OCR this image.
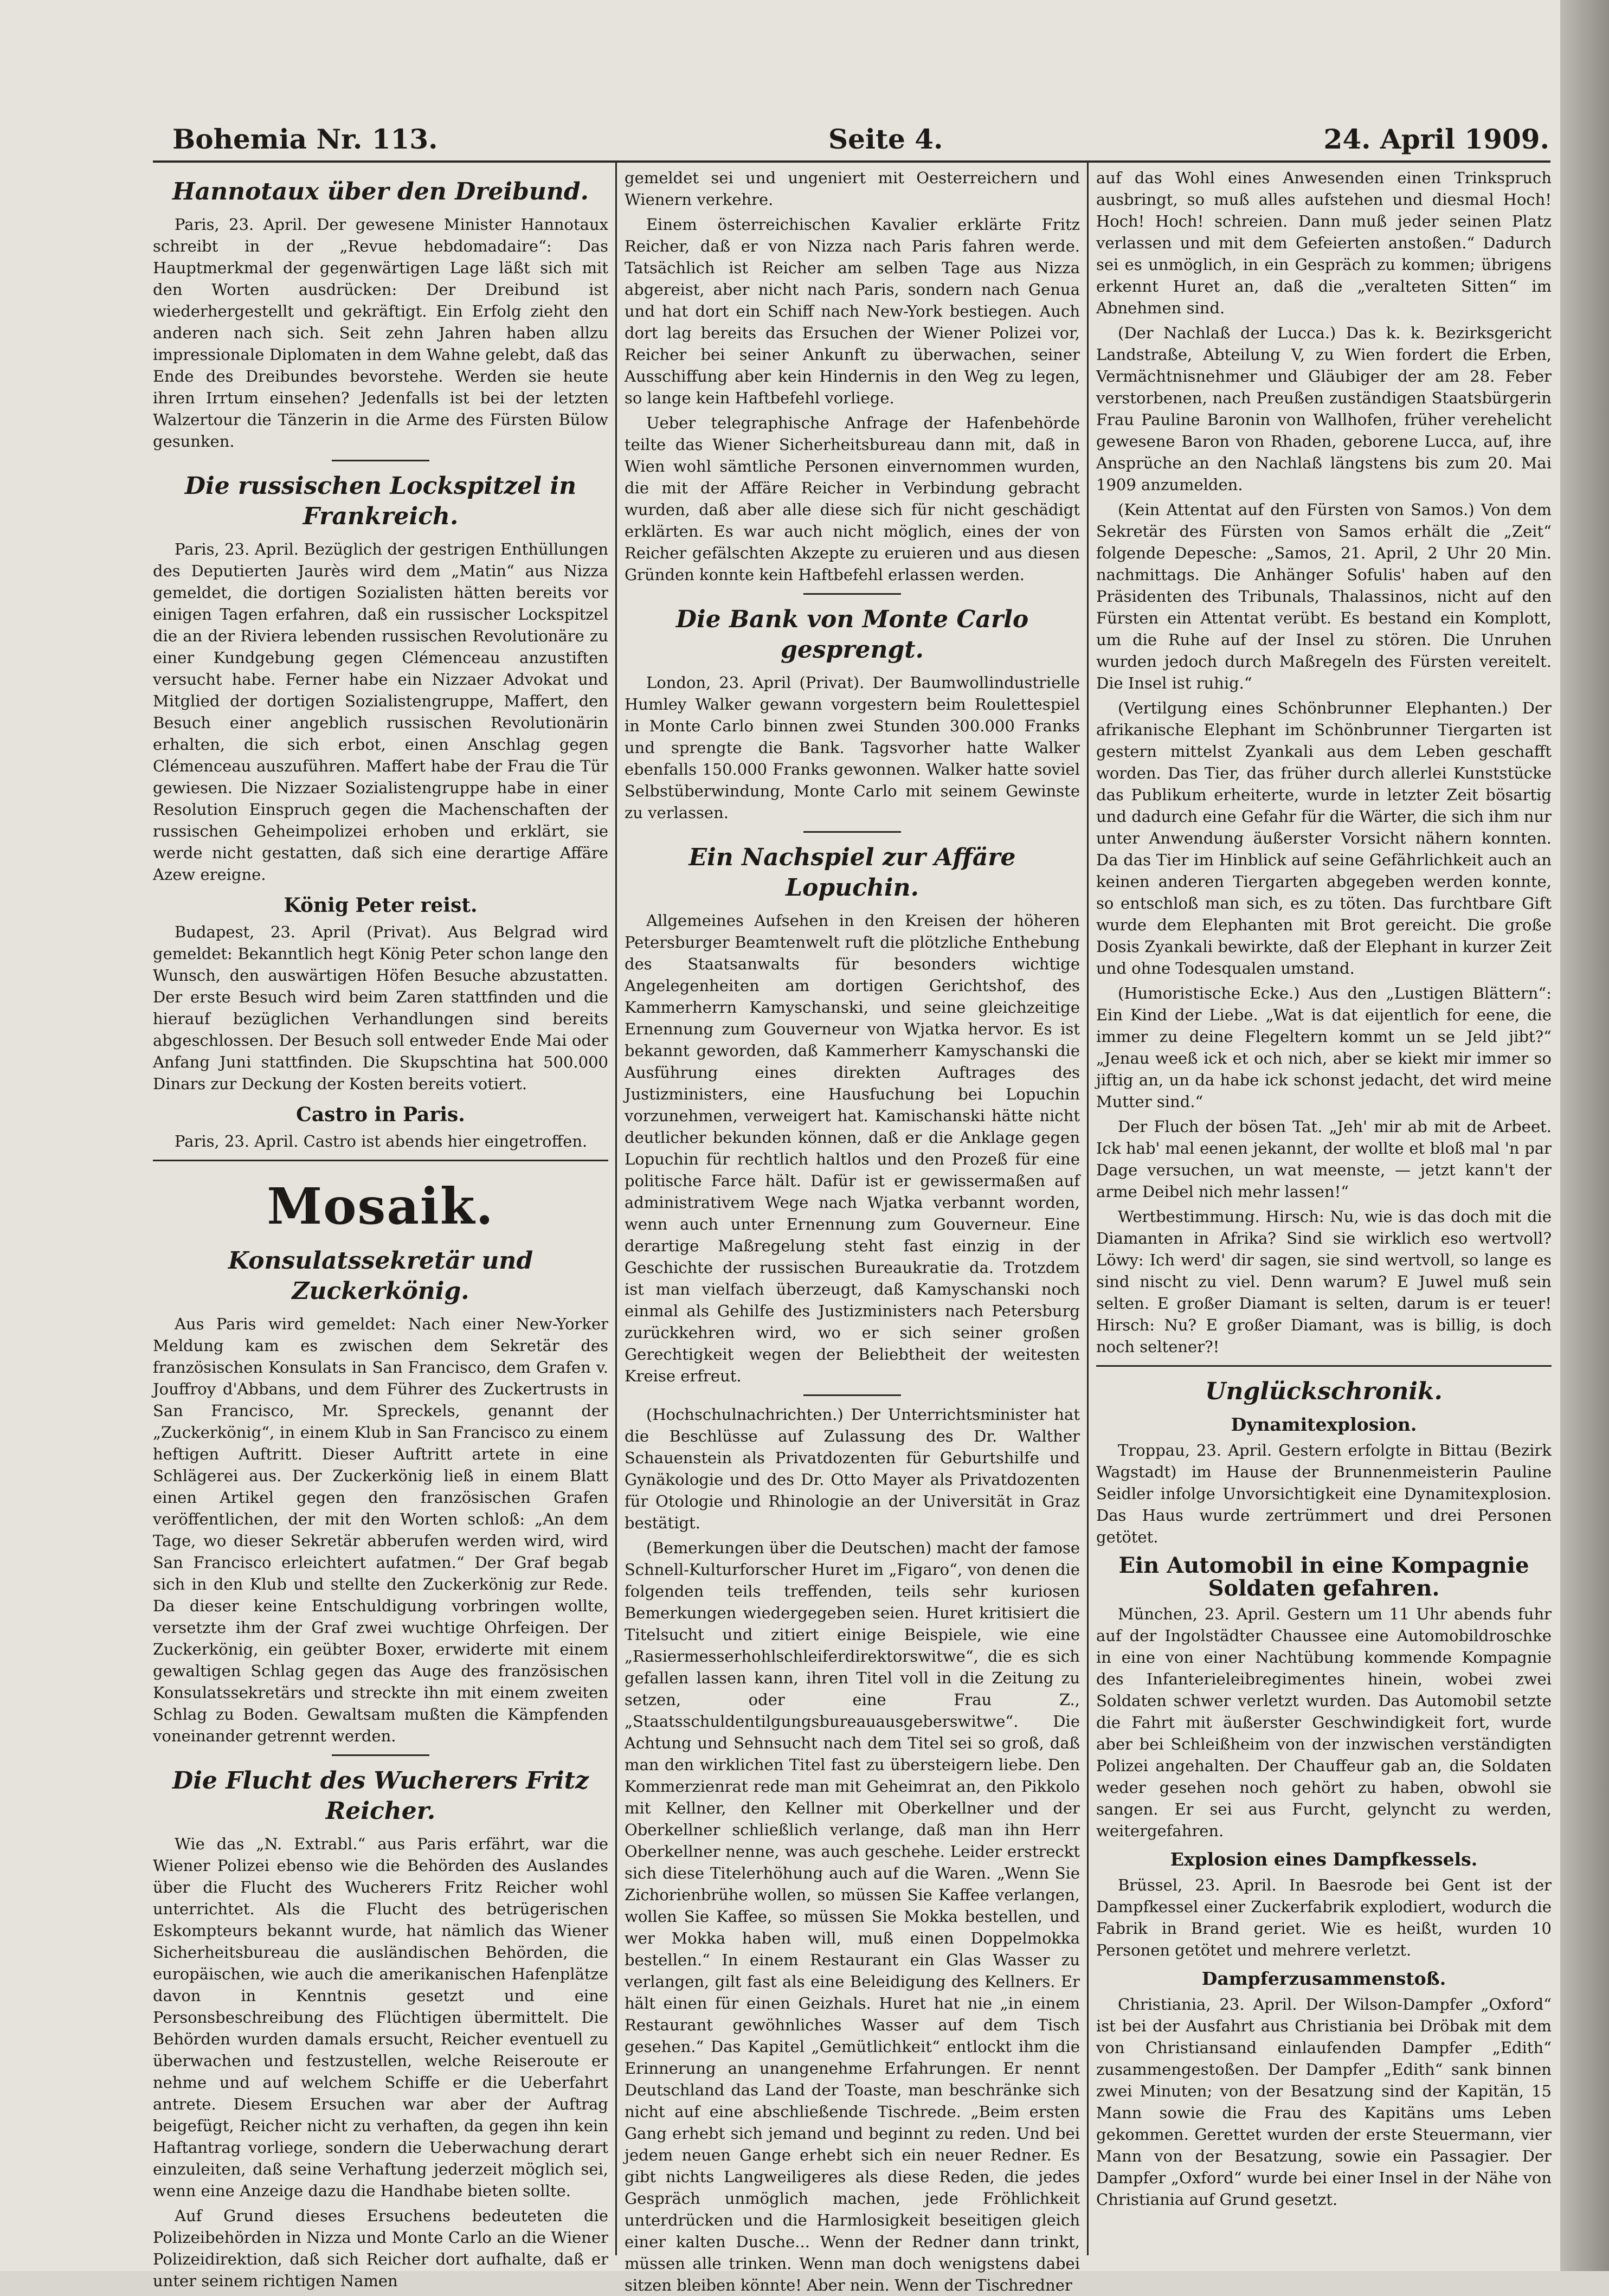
Bohemia Nr. 113.	Seite 4.	24. April 1909.
Hannotaux über den Dreibund.

Paris, 23. April. Der gewesene Minister Hannotaux schreibt in der „Revue hebdomadaire“: Das Hauptmerkmal der gegenwärtigen Lage läßt sich mit den Worten ausdrücken: Der Dreibund ist wiederhergestellt und gekräftigt. Ein Erfolg zieht den anderen nach sich. Seit zehn Jahren haben allzu impressionale Diplomaten in dem Wahne gelebt, daß das Ende des Dreibundes bevorstehe. Werden sie heute ihren Irrtum einsehen? Jedenfalls ist bei der letzten Walzertour die Tänzerin in die Arme des Fürsten Bülow gesunken.

Die russischen Lockspitzel in Frankreich.

Paris, 23. April. Bezüglich der gestrigen Enthüllungen des Deputierten Jaurès wird dem „Matin“ aus Nizza gemeldet, die dortigen Sozialisten hätten bereits vor einigen Tagen erfahren, daß ein russischer Lockspitzel die an der Riviera lebenden russischen Revolutionäre zu einer Kundgebung gegen Clémenceau anzustiften versucht habe. Ferner habe ein Nizzaer Advokat und Mitglied der dortigen Sozialistengruppe, Maffert, den Besuch einer angeblich russischen Revolutionärin erhalten, die sich erbot, einen Anschlag gegen Clémenceau auszuführen. Maffert habe der Frau die Tür gewiesen. Die Nizzaer Sozialistengruppe habe in einer Resolution Einspruch gegen die Machenschaften der russischen Geheimpolizei erhoben und erklärt, sie werde nicht gestatten, daß sich eine derartige Affäre Azew ereigne.

König Peter reist.

Budapest, 23. April (Privat). Aus Belgrad wird gemeldet: Bekanntlich hegt König Peter schon lange den Wunsch, den auswärtigen Höfen Besuche abzustatten. Der erste Besuch wird beim Zaren stattfinden und die hierauf bezüglichen Verhandlungen sind bereits abgeschlossen. Der Besuch soll entweder Ende Mai oder Anfang Juni stattfinden. Die Skupschtina hat 500.000 Dinars zur Deckung der Kosten bereits votiert.

Castro in Paris.

Paris, 23. April. Castro ist abends hier eingetroffen.

Mosaik.
Konsulatssekretär und Zuckerkönig.

Aus Paris wird gemeldet: Nach einer New-Yorker Meldung kam es zwischen dem Sekretär des französischen Konsulats in San Francisco, dem Grafen v. Jouffroy d'Abbans, und dem Führer des Zuckertrusts in San Francisco, Mr. Spreckels, genannt der „Zuckerkönig“, in einem Klub in San Francisco zu einem heftigen Auftritt. Dieser Auftritt artete in eine Schlägerei aus. Der Zuckerkönig ließ in einem Blatt einen Artikel gegen den französischen Grafen veröffentlichen, der mit den Worten schloß: „An dem Tage, wo dieser Sekretär abberufen werden wird, wird San Francisco erleichtert aufatmen.“ Der Graf begab sich in den Klub und stellte den Zuckerkönig zur Rede. Da dieser keine Entschuldigung vorbringen wollte, versetzte ihm der Graf zwei wuchtige Ohrfeigen. Der Zuckerkönig, ein geübter Boxer, erwiderte mit einem gewaltigen Schlag gegen das Auge des französischen Konsulatssekretärs und streckte ihn mit einem zweiten Schlag zu Boden. Gewaltsam mußten die Kämpfenden voneinander getrennt werden.

Die Flucht des Wucherers Fritz Reicher.

Wie das „N. Extrabl.“ aus Paris erfährt, war die Wiener Polizei ebenso wie die Behörden des Auslandes über die Flucht des Wucherers Fritz Reicher wohl unterrichtet. Als die Flucht des betrügerischen Eskompteurs bekannt wurde, hat nämlich das Wiener Sicherheitsbureau die ausländischen Behörden, die europäischen, wie auch die amerikanischen Hafenplätze davon in Kenntnis gesetzt und eine Personsbeschreibung des Flüchtigen übermittelt. Die Behörden wurden damals ersucht, Reicher eventuell zu überwachen und festzustellen, welche Reiseroute er nehme und auf welchem Schiffe er die Ueberfahrt antrete. Diesem Ersuchen war aber der Auftrag beigefügt, Reicher nicht zu verhaften, da gegen ihn kein Haftantrag vorliege, sondern die Ueberwachung derart einzuleiten, daß seine Verhaftung jederzeit möglich sei, wenn eine Anzeige dazu die Handhabe bieten sollte.

Auf Grund dieses Ersuchens bedeuteten die Polizeibehörden in Nizza und Monte Carlo an die Wiener Polizeidirektion, daß sich Reicher dort aufhalte, daß er unter seinem richtigen Namen

gemeldet sei und ungeniert mit Oesterreichern und Wienern verkehre.

Einem österreichischen Kavalier erklärte Fritz Reicher, daß er von Nizza nach Paris fahren werde. Tatsächlich ist Reicher am selben Tage aus Nizza abgereist, aber nicht nach Paris, sondern nach Genua und hat dort ein Schiff nach New-York bestiegen. Auch dort lag bereits das Ersuchen der Wiener Polizei vor, Reicher bei seiner Ankunft zu überwachen, seiner Ausschiffung aber kein Hindernis in den Weg zu legen, so lange kein Haftbefehl vorliege.

Ueber telegraphische Anfrage der Hafenbehörde teilte das Wiener Sicherheitsbureau dann mit, daß in Wien wohl sämtliche Personen einvernommen wurden, die mit der Affäre Reicher in Verbindung gebracht wurden, daß aber alle diese sich für nicht geschädigt erklärten. Es war auch nicht möglich, eines der von Reicher gefälschten Akzepte zu eruieren und aus diesen Gründen konnte kein Haftbefehl erlassen werden.

Die Bank von Monte Carlo gesprengt.

London, 23. April (Privat). Der Baumwollindustrielle Humley Walker gewann vorgestern beim Roulettespiel in Monte Carlo binnen zwei Stunden 300.000 Franks und sprengte die Bank. Tagsvorher hatte Walker ebenfalls 150.000 Franks gewonnen. Walker hatte soviel Selbstüberwindung, Monte Carlo mit seinem Gewinste zu verlassen.

Ein Nachspiel zur Affäre Lopuchin.

Allgemeines Aufsehen in den Kreisen der höheren Petersburger Beamtenwelt ruft die plötzliche Enthebung des Staatsanwalts für besonders wichtige Angelegenheiten am dortigen Gerichtshof, des Kammerherrn Kamyschanski, und seine gleichzeitige Ernennung zum Gouverneur von Wjatka hervor. Es ist bekannt geworden, daß Kammerherr Kamyschanski die Ausführung eines direkten Auftrages des Justizministers, eine Hausfuchung bei Lopuchin vorzunehmen, verweigert hat. Kamischanski hätte nicht deutlicher bekunden können, daß er die Anklage gegen Lopuchin für rechtlich haltlos und den Prozeß für eine politische Farce hält. Dafür ist er gewissermaßen auf administrativem Wege nach Wjatka verbannt worden, wenn auch unter Ernennung zum Gouverneur. Eine derartige Maßregelung steht fast einzig in der Geschichte der russischen Bureaukratie da. Trotzdem ist man vielfach überzeugt, daß Kamyschanski noch einmal als Gehilfe des Justizministers nach Petersburg zurückkehren wird, wo er sich seiner großen Gerechtigkeit wegen der Beliebtheit der weitesten Kreise erfreut.

(Hochschulnachrichten.) Der Unterrichtsminister hat die Beschlüsse auf Zulassung des Dr. Walther Schauenstein als Privatdozenten für Geburtshilfe und Gynäkologie und des Dr. Otto Mayer als Privatdozenten für Otologie und Rhinologie an der Universität in Graz bestätigt.

(Bemerkungen über die Deutschen) macht der famose Schnell-Kulturforscher Huret im „Figaro“, von denen die folgenden teils treffenden, teils sehr kuriosen Bemerkungen wiedergegeben seien. Huret kritisiert die Titelsucht und zitiert einige Beispiele, wie eine „Rasiermesserhohlschleiferdirektorswitwe“, die es sich gefallen lassen kann, ihren Titel voll in die Zeitung zu setzen, oder eine Frau Z., „Staatsschuldentilgungsbureauausgeberswitwe“. Die Achtung und Sehnsucht nach dem Titel sei so groß, daß man den wirklichen Titel fast zu übersteigern liebe. Den Kommerzienrat rede man mit Geheimrat an, den Pikkolo mit Kellner, den Kellner mit Oberkellner und der Oberkellner schließlich verlange, daß man ihn Herr Oberkellner nenne, was auch geschehe. Leider erstreckt sich diese Titelerhöhung auch auf die Waren. „Wenn Sie Zichorienbrühe wollen, so müssen Sie Kaffee verlangen, wollen Sie Kaffee, so müssen Sie Mokka bestellen, und wer Mokka haben will, muß einen Doppelmokka bestellen.“ In einem Restaurant ein Glas Wasser zu verlangen, gilt fast als eine Beleidigung des Kellners. Er hält einen für einen Geizhals. Huret hat nie „in einem Restaurant gewöhnliches Wasser auf dem Tisch gesehen.“ Das Kapitel „Gemütlichkeit“ entlockt ihm die Erinnerung an unangenehme Erfahrungen. Er nennt Deutschland das Land der Toaste, man beschränke sich nicht auf eine abschließende Tischrede. „Beim ersten Gang erhebt sich jemand und beginnt zu reden. Und bei jedem neuen Gange erhebt sich ein neuer Redner. Es gibt nichts Langweiligeres als diese Reden, die jedes Gespräch unmöglich machen, jede Fröhlichkeit unterdrücken und die Harmlosigkeit beseitigen gleich einer kalten Dusche... Wenn der Redner dann trinkt, müssen alle trinken. Wenn man doch wenigstens dabei sitzen bleiben könnte! Aber nein. Wenn der Tischredner

auf das Wohl eines Anwesenden einen Trinkspruch ausbringt, so muß alles aufstehen und diesmal Hoch! Hoch! Hoch! schreien. Dann muß jeder seinen Platz verlassen und mit dem Gefeierten anstoßen.“ Dadurch sei es unmöglich, in ein Gespräch zu kommen; übrigens erkennt Huret an, daß die „veralteten Sitten“ im Abnehmen sind.

(Der Nachlaß der Lucca.) Das k. k. Bezirksgericht Landstraße, Abteilung V, zu Wien fordert die Erben, Vermächtnisnehmer und Gläubiger der am 28. Feber verstorbenen, nach Preußen zuständigen Staatsbürgerin Frau Pauline Baronin von Wallhofen, früher verehelicht gewesene Baron von Rhaden, geborene Lucca, auf, ihre Ansprüche an den Nachlaß längstens bis zum 20. Mai 1909 anzumelden.

(Kein Attentat auf den Fürsten von Samos.) Von dem Sekretär des Fürsten von Samos erhält die „Zeit“ folgende Depesche: „Samos, 21. April, 2 Uhr 20 Min. nachmittags. Die Anhänger Sofulis' haben auf den Präsidenten des Tribunals, Thalassinos, nicht auf den Fürsten ein Attentat verübt. Es bestand ein Komplott, um die Ruhe auf der Insel zu stören. Die Unruhen wurden jedoch durch Maßregeln des Fürsten vereitelt. Die Insel ist ruhig.“

(Vertilgung eines Schönbrunner Elephanten.) Der afrikanische Elephant im Schönbrunner Tiergarten ist gestern mittelst Zyankali aus dem Leben geschafft worden. Das Tier, das früher durch allerlei Kunststücke das Publikum erheiterte, wurde in letzter Zeit bösartig und dadurch eine Gefahr für die Wärter, die sich ihm nur unter Anwendung äußerster Vorsicht nähern konnten. Da das Tier im Hinblick auf seine Gefährlichkeit auch an keinen anderen Tiergarten abgegeben werden konnte, so entschloß man sich, es zu töten. Das furchtbare Gift wurde dem Elephanten mit Brot gereicht. Die große Dosis Zyankali bewirkte, daß der Elephant in kurzer Zeit und ohne Todesqualen umstand.

(Humoristische Ecke.) Aus den „Lustigen Blättern“: Ein Kind der Liebe. „Wat is dat eijentlich for eene, die immer zu deine Flegeltern kommt un se Jeld jibt?“ „Jenau weeß ick et och nich, aber se kiekt mir immer so jiftig an, un da habe ick schonst jedacht, det wird meine Mutter sind.“

Der Fluch der bösen Tat. „Jeh' mir ab mit de Arbeet. Ick hab' mal eenen jekannt, der wollte et bloß mal 'n par Dage versuchen, un wat meenste, — jetzt kann't der arme Deibel nich mehr lassen!“

Wertbestimmung. Hirsch: Nu, wie is das doch mit die Diamanten in Afrika? Sind sie wirklich eso wertvoll? Löwy: Ich werd' dir sagen, sie sind wertvoll, so lange es sind nischt zu viel. Denn warum? E Juwel muß sein selten. E großer Diamant is selten, darum is er teuer! Hirsch: Nu? E großer Diamant, was is billig, is doch noch seltener?!

Unglückschronik.
Dynamitexplosion.

Troppau, 23. April. Gestern erfolgte in Bittau (Bezirk Wagstadt) im Hause der Brunnenmeisterin Pauline Seidler infolge Unvorsichtigkeit eine Dynamitexplosion. Das Haus wurde zertrümmert und drei Personen getötet.

Ein Automobil in eine Kompagnie Soldaten gefahren.

München, 23. April. Gestern um 11 Uhr abends fuhr auf der Ingolstädter Chaussee eine Automobildroschke in eine von einer Nachtübung kommende Kompagnie des Infanterieleibregimentes hinein, wobei zwei Soldaten schwer verletzt wurden. Das Automobil setzte die Fahrt mit äußerster Geschwindigkeit fort, wurde aber bei Schleißheim von der inzwischen verständigten Polizei angehalten. Der Chauffeur gab an, die Soldaten weder gesehen noch gehört zu haben, obwohl sie sangen. Er sei aus Furcht, gelyncht zu werden, weitergefahren.

Explosion eines Dampfkessels.

Brüssel, 23. April. In Baesrode bei Gent ist der Dampfkessel einer Zuckerfabrik explodiert, wodurch die Fabrik in Brand geriet. Wie es heißt, wurden 10 Personen getötet und mehrere verletzt.

Dampferzusammenstoß.

Christiania, 23. April. Der Wilson-Dampfer „Oxford“ ist bei der Ausfahrt aus Christiania bei Dröbak mit dem von Christiansand einlaufenden Dampfer „Edith“ zusammengestoßen. Der Dampfer „Edith“ sank binnen zwei Minuten; von der Besatzung sind der Kapitän, 15 Mann sowie die Frau des Kapitäns ums Leben gekommen. Gerettet wurden der erste Steuermann, vier Mann von der Besatzung, sowie ein Passagier. Der Dampfer „Oxford“ wurde bei einer Insel in der Nähe von Christiania auf Grund gesetzt.
